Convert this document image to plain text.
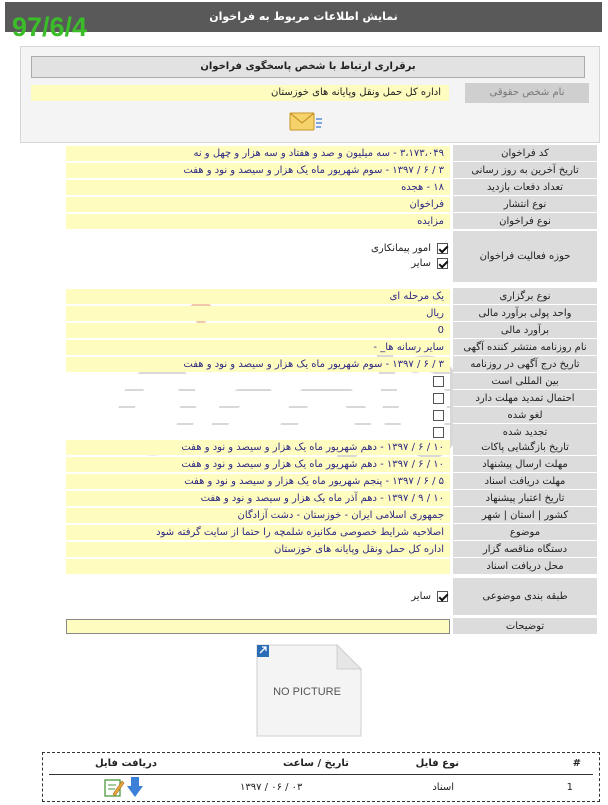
نمایش اطلاعات مربوط به فراخوان
97/6/4
برقراری ارتباط با شخص پاسخگوی فراخوان
نام شخص حقوقی
اداره کل حمل ونقل وپایانه های خوزستان
کد فراخوان
۳،۱۷۳،۰۴۹ - سه میلیون و صد و هفتاد و سه هزار و چهل و نه
تاریخ آخرین به روز رسانی
۳ / ۶ / ۱۳۹۷ - سوم شهریور ماه یک هزار و سیصد و نود و هفت
تعداد دفعات بازدید
۱۸ - هجده
نوع انتشار
فراخوان
نوع فراخوان
مزایده
حوزه فعالیت فراخوان
امور پیمانکاری
سایر
نوع برگزاری
یک مرحله ای
واحد پولی برآورد مالی
ریال
برآورد مالی
0
نام روزنامه منتشر کننده آگهی
سایر رسانه ها_ -
تاریخ درج آگهی در روزنامه
۳ / ۶ / ۱۳۹۷ - سوم شهریور ماه یک هزار و سیصد و نود و هفت
بین المللی است
احتمال تمدید مهلت دارد
لغو شده
تجدید شده
تاریخ بازگشایی پاکات
۱۰ / ۶ / ۱۳۹۷ - دهم شهریور ماه یک هزار و سیصد و نود و هفت
مهلت ارسال پیشنهاد
۱۰ / ۶ / ۱۳۹۷ - دهم شهریور ماه یک هزار و سیصد و نود و هفت
مهلت دریافت اسناد
۵ / ۶ / ۱۳۹۷ - پنجم شهریور ماه یک هزار و سیصد و نود و هفت
تاریخ اعتبار پیشنهاد
۱۰ / ۹ / ۱۳۹۷ - دهم آذر ماه یک هزار و سیصد و نود و هفت
کشور | استان | شهر
جمهوری اسلامی ایران - خوزستان - دشت آزادگان
موضوع
اصلاحیه شرایط خصوصی مکانیزه شلمچه را حتما از سایت گرفته شود
دستگاه مناقصه گزار
اداره کل حمل ونقل وپایانه های خوزستان
محل دریافت اسناد
طبقه بندی موضوعی
سایر
توضیحات
NO PICTURE
#
نوع فایل
تاریخ / ساعت
دریافت فایل
1
اسناد
۱۳۹۷ / ۰۶ / ۰۳
